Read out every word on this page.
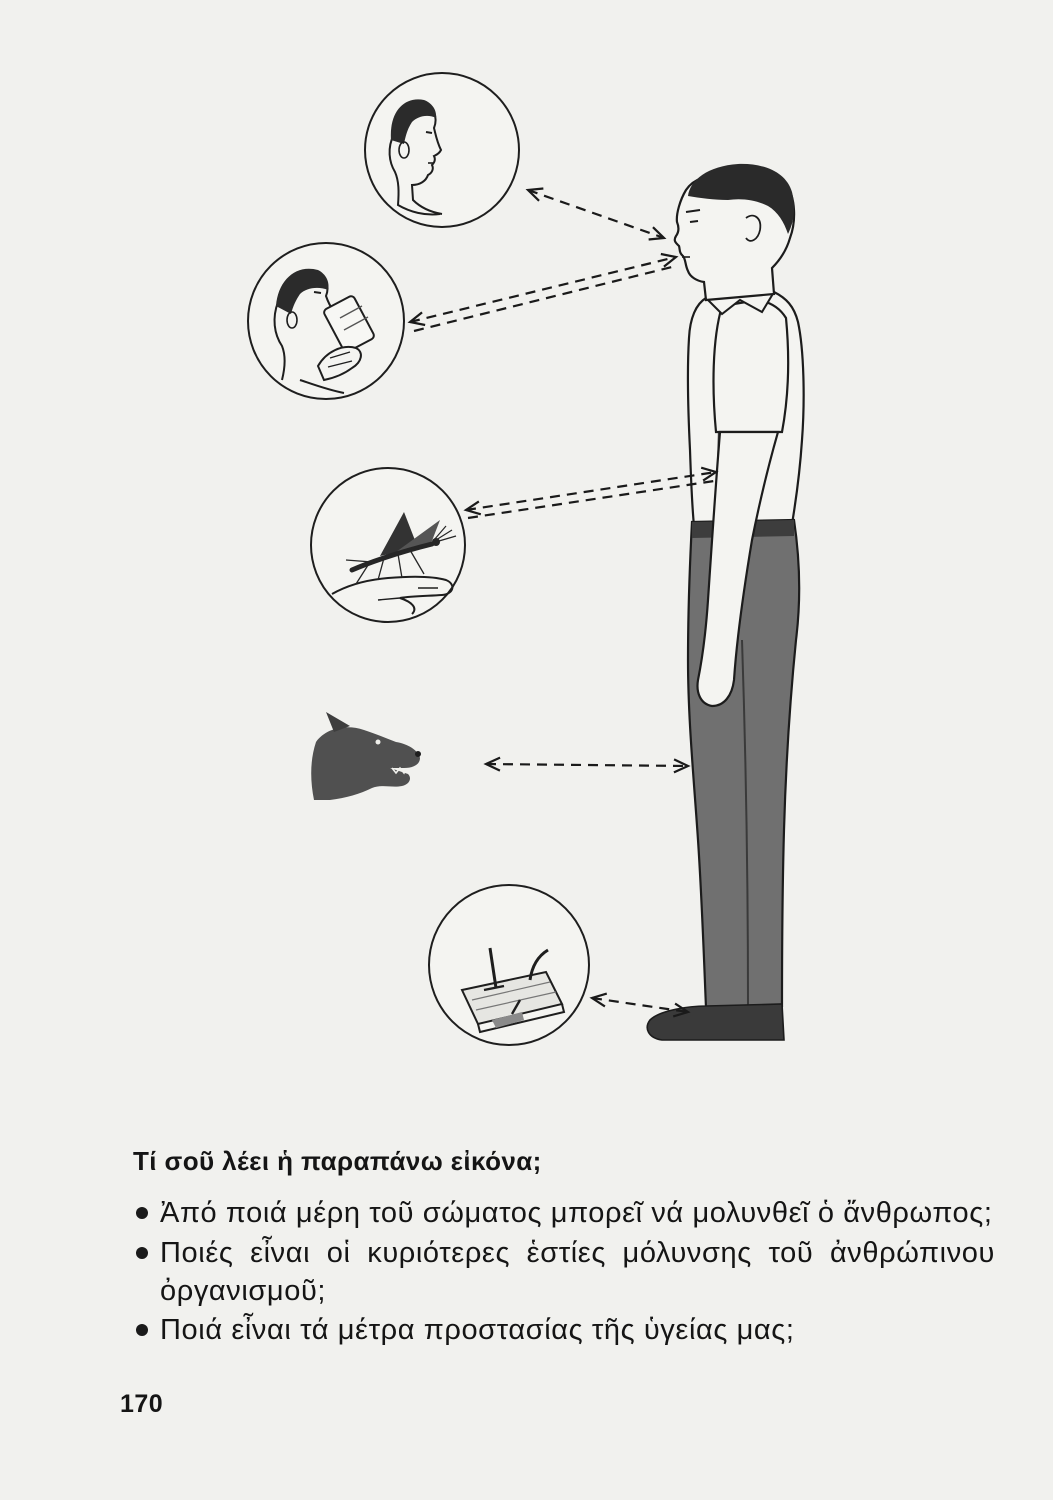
Τί σοῦ λέει ἡ παραπάνω εἰκόνα;
Ἀπό ποιά μέρη τοῦ σώματος μπορεῖ νά μολυνθεῖ ὁ ἄνθρωπος;
Ποιές εἶναι οἱ κυριότερες ἑστίες μόλυνσης τοῦ ἀνθρώπινου
ὀργανισμοῦ;
Ποιά εἶναι τά μέτρα προστασίας τῆς ὑγείας μας;
170
